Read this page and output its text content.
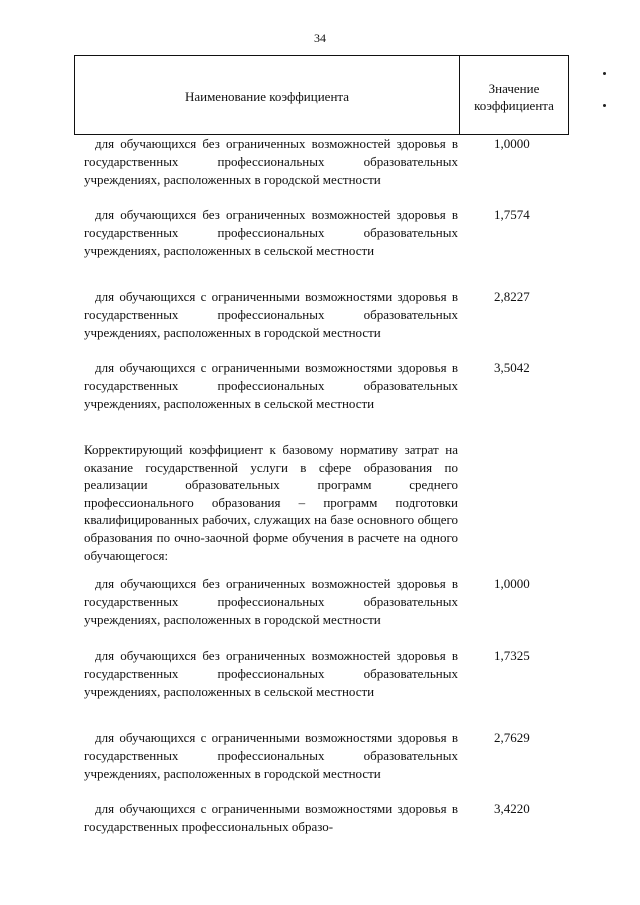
34
Наименование коэффициента
Значение
коэффициента
для обучающихся без ограниченных возможностей здоровья в государственных профессиональных образовательных учреждениях, расположенных в городской местности
1,0000
для обучающихся без ограниченных возможностей здоровья в государственных профессиональных образовательных учреждениях, расположенных в сельской местности
1,7574
для обучающихся с ограниченными возможностями здоровья в государственных профессиональных образовательных учреждениях, расположенных в городской местности
2,8227
для обучающихся с ограниченными возможностями здоровья в государственных профессиональных образовательных учреждениях, расположенных в сельской местности
3,5042
Корректирующий коэффициент к базовому нормативу затрат на оказание государственной услуги в сфере образования по реализации образовательных программ среднего профессионального образования – программ подготовки квалифицированных рабочих, служащих на базе основного общего образования по очно-заочной форме обучения в расчете на одного обучающегося:
для обучающихся без ограниченных возможностей здоровья в государственных профессиональных образовательных учреждениях, расположенных в городской местности
1,0000
для обучающихся без ограниченных возможностей здоровья в государственных профессиональных образовательных учреждениях, расположенных в сельской местности
1,7325
для обучающихся с ограниченными возможностями здоровья в государственных профессиональных образовательных учреждениях, расположенных в городской местности
2,7629
для обучающихся с ограниченными возможностями здоровья в государственных профессиональных образо-
3,4220
